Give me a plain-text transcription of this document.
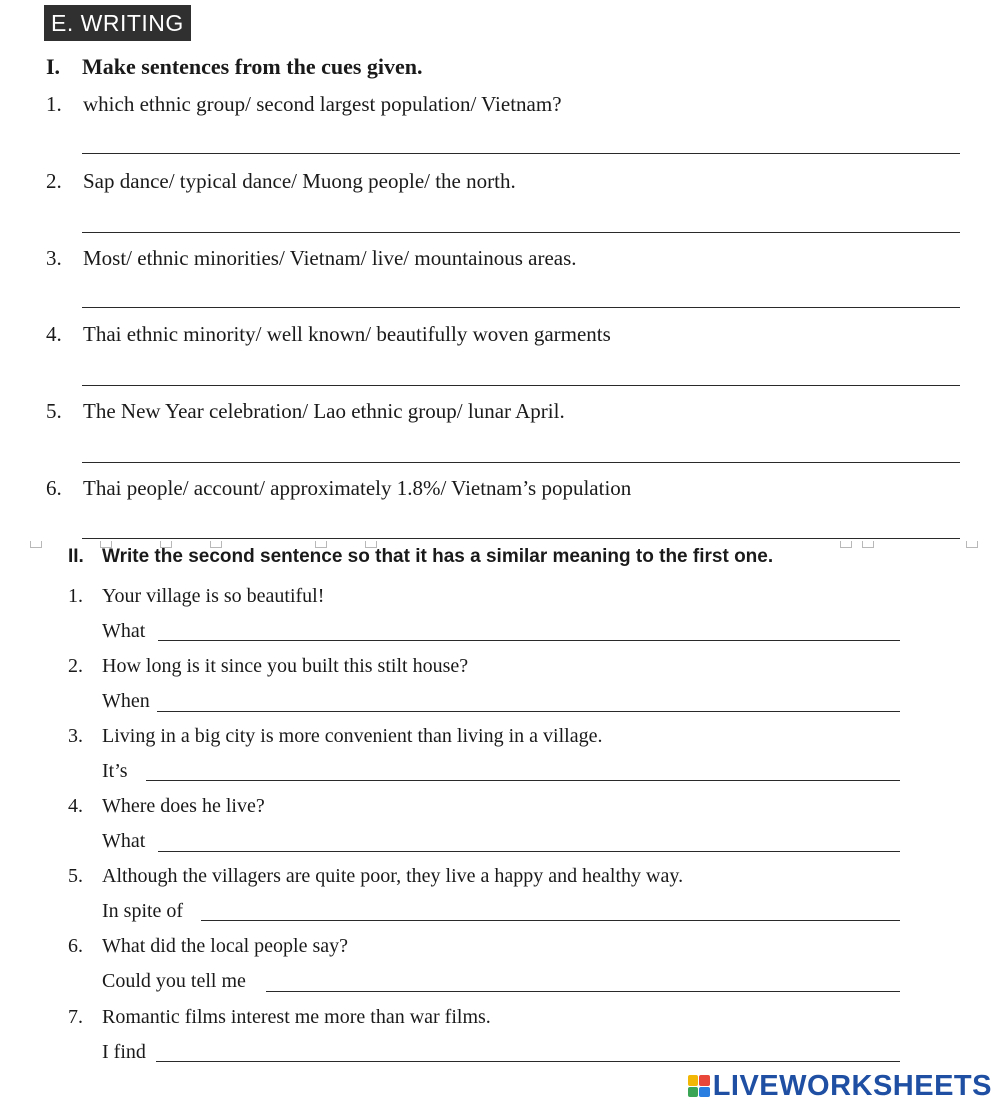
E. WRITING
I. Make sentences from the cues given.
1. which ethnic group/ second largest population/ Vietnam?
2. Sap dance/ typical dance/ Muong people/ the north.
3. Most/ ethnic minorities/ Vietnam/ live/ mountainous areas.
4. Thai ethnic minority/ well known/ beautifully woven garments
5. The New Year celebration/ Lao ethnic group/ lunar April.
6. Thai people/ account/ approximately 1.8%/ Vietnam’s population
II. Write the second sentence so that it has a similar meaning to the first one.
1. Your village is so beautiful!
What
2. How long is it since you built this stilt house?
When
3. Living in a big city is more convenient than living in a village.
It’s
4. Where does he live?
What
5. Although the villagers are quite poor, they live a happy and healthy way.
In spite of
6. What did the local people say?
Could you tell me
7. Romantic films interest me more than war films.
I find
LIVEWORKSHEETS
